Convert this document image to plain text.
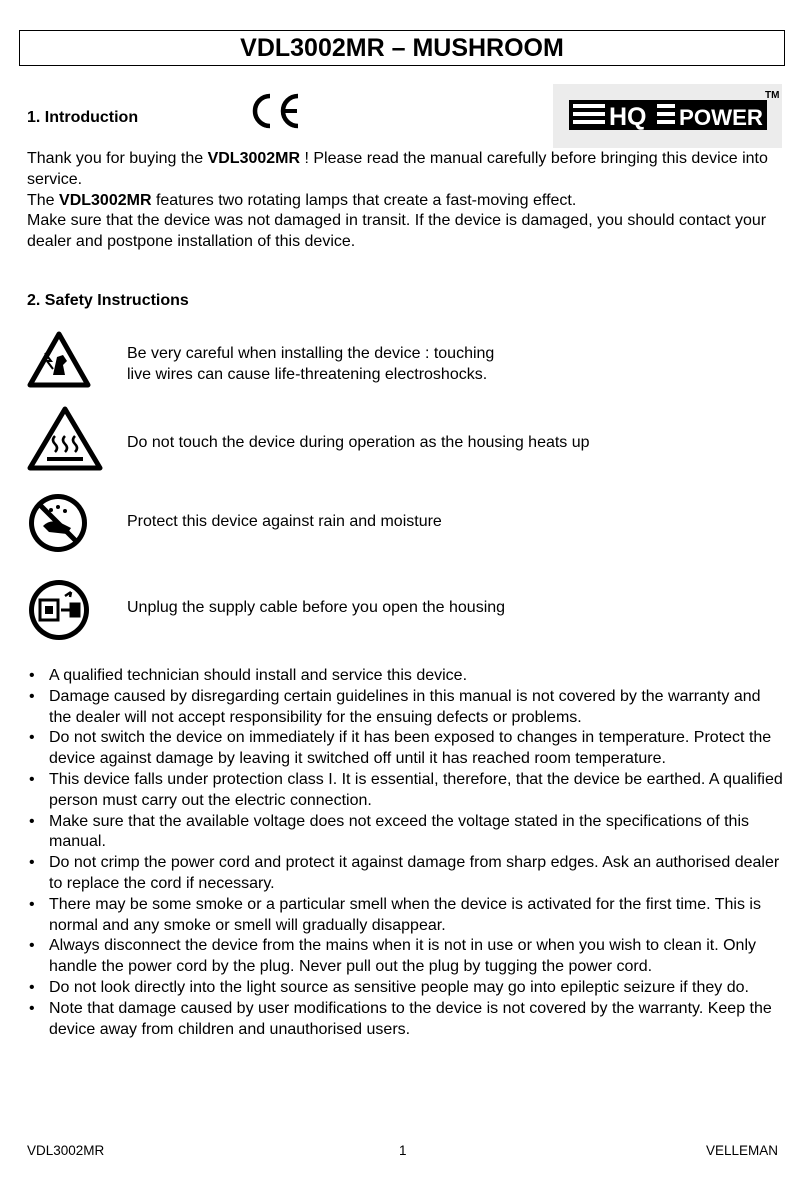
VDL3002MR – MUSHROOM
1. Introduction	HQ POWER
TM

Thank you for buying the VDL3002MR ! Please read the manual carefully before bringing this device into service.

The VDL3002MR features two rotating lamps that create a fast-moving effect.

Make sure that the device was not damaged in transit. If the device is damaged, you should contact your dealer and postpone installation of this device.

2. Safety Instructions
Be very careful when installing the device : touching
live wires can cause life-threatening electroshocks.
Do not touch the device during operation as the housing heats up
Protect this device against rain and moisture
Unplug the supply cable before you open the housing
• A qualified technician should install and service this device.
• Damage caused by disregarding certain guidelines in this manual is not covered by the warranty and the dealer will not accept responsibility for the ensuing defects or problems.
• Do not switch the device on immediately if it has been exposed to changes in temperature. Protect the device against damage by leaving it switched off until it has reached room temperature.
• This device falls under protection class I. It is essential, therefore, that the device be earthed. A qualified person must carry out the electric connection.
• Make sure that the available voltage does not exceed the voltage stated in the specifications of this manual.
• Do not crimp the power cord and protect it against damage from sharp edges. Ask an authorised dealer to replace the cord if necessary.
• There may be some smoke or a particular smell when the device is activated for the first time. This is normal and any smoke or smell will gradually disappear.
• Always disconnect the device from the mains when it is not in use or when you wish to clean it. Only handle the power cord by the plug. Never pull out the plug by tugging the power cord.
• Do not look directly into the light source as sensitive people may go into epileptic seizure if they do.
• Note that damage caused by user modifications to the device is not covered by the warranty. Keep the device away from children and unauthorised users.
VDL3002MR	1	VELLEMAN
